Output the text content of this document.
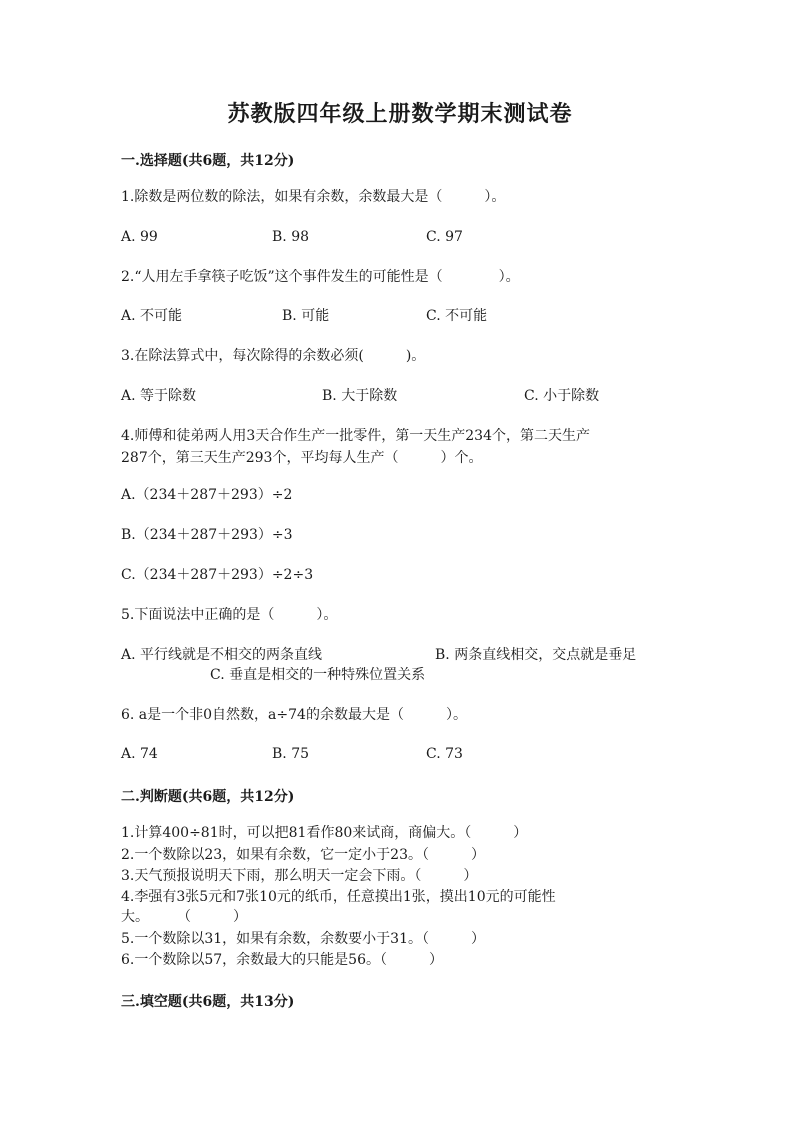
苏教版四年级上册数学期末测试卷
一.选择题(共6题，共12分)
1.除数是两位数的除法，如果有余数，余数最大是（　　　）。
A. 99	B. 98	C. 97
2.“人用左手拿筷子吃饭”这个事件发生的可能性是（　　　　）。
A. 不可能	B. 可能	C. 不可能
3.在除法算式中，每次除得的余数必须(　　　)。
A. 等于除数	B. 大于除数	C. 小于除数
4.师傅和徒弟两人用3天合作生产一批零件，第一天生产234个，第二天生产
287个，第三天生产293个，平均每人生产（　　　）个。
A.（234＋287＋293）÷2
B.（234＋287＋293）÷3
C.（234＋287＋293）÷2÷3
5.下面说法中正确的是（　　　）。
A. 平行线就是不相交的两条直线	B. 两条直线相交，交点就是垂足
C. 垂直是相交的一种特殊位置关系
6. a是一个非0自然数，a÷74的余数最大是（　　　）。
A. 74	B. 75	C. 73
二.判断题(共6题，共12分)
1.计算400÷81时，可以把81看作80来试商，商偏大。（　　　）
2.一个数除以23，如果有余数，它一定小于23。（　　　）
3.天气预报说明天下雨，那么明天一定会下雨。（　　　）
4.李强有3张5元和7张10元的纸币，任意摸出1张，摸出10元的可能性
大。　　　（　　　）
5.一个数除以31，如果有余数，余数要小于31。（　　　）
6.一个数除以57，余数最大的只能是56。（　　　）
三.填空题(共6题，共13分)
